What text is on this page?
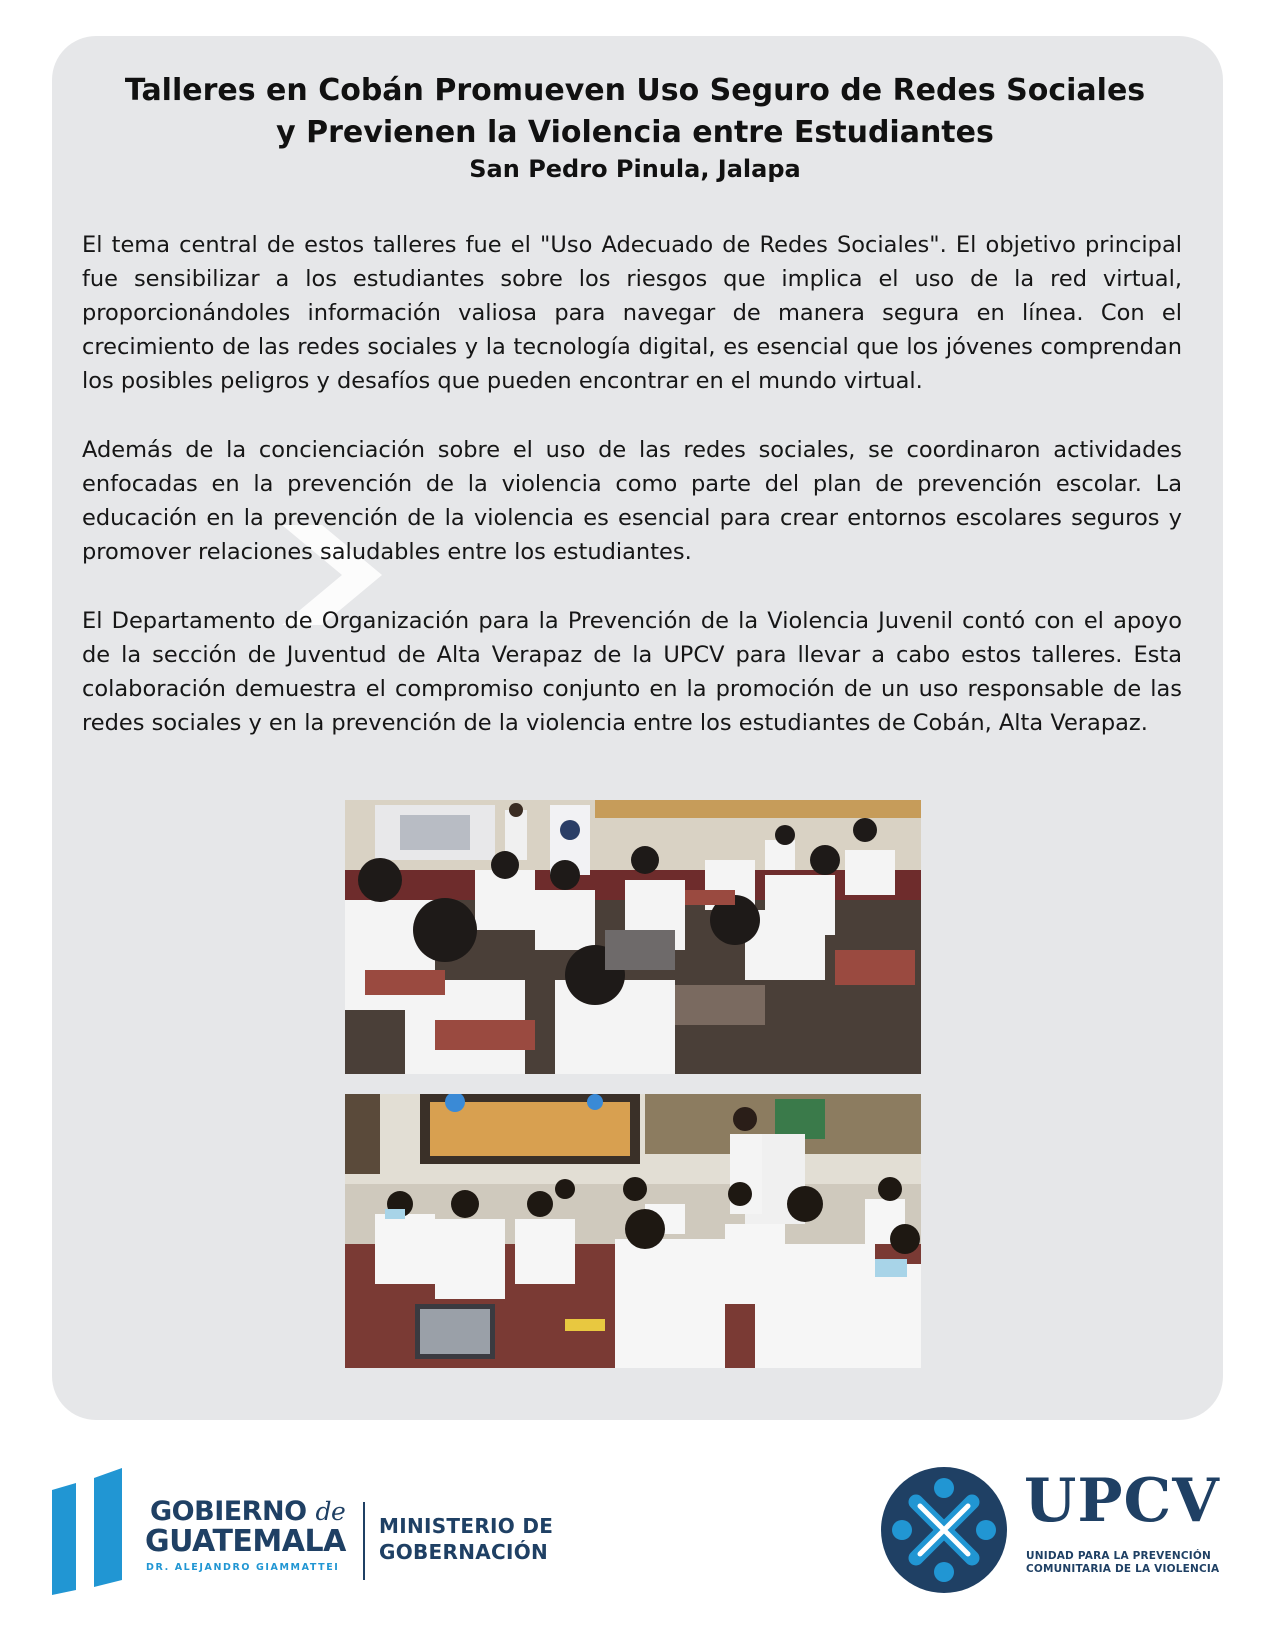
Talleres en Cobán Promueven Uso Seguro de Redes Sociales y Previenen la Violencia entre Estudiantes
San Pedro Pinula, Jalapa

El tema central de estos talleres fue el "Uso Adecuado de Redes Sociales". El objetivo principal fue sensibilizar a los estudiantes sobre los riesgos que implica el uso de la red virtual, proporcionándoles información valiosa para navegar de manera segura en línea. Con el crecimiento de las redes sociales y la tecnología digital, es esencial que los jóvenes comprendan los posibles peligros y desafíos que pueden encontrar en el mundo virtual.

Además de la concienciación sobre el uso de las redes sociales, se coordinaron actividades enfocadas en la prevención de la violencia como parte del plan de prevención escolar. La educación en la prevención de la violencia es esencial para crear entornos escolares seguros y promover relaciones saludables entre los estudiantes.

El Departamento de Organización para la Prevención de la Violencia Juvenil contó con el apoyo de la sección de Juventud de Alta Verapaz de la UPCV para llevar a cabo estos talleres. Esta colaboración demuestra el compromiso conjunto en la promoción de un uso responsable de las redes sociales y en la prevención de la violencia entre los estudiantes de Cobán, Alta Verapaz.

GOBIERNO de
GUATEMALA
DR. ALEJANDRO GIAMMATTEI
MINISTERIO DE
GOBERNACIÓN
UPCV
UNIDAD PARA LA PREVENCIÓN
COMUNITARIA DE LA VIOLENCIA
